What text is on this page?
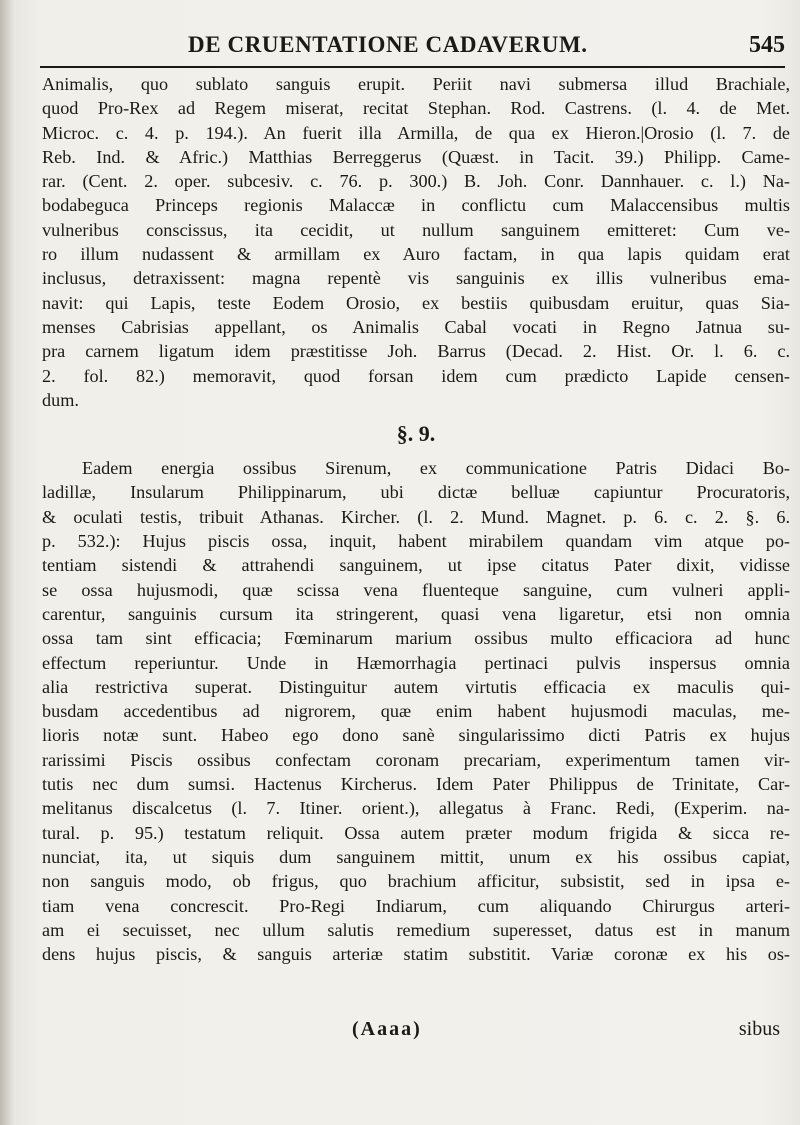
DE CRUENTATIONE CADAVERUM.	545
Animalis, quo sublato sanguis erupit. Periit navi submersa illud Brachiale,
quod Pro-Rex ad Regem miserat, recitat Stephan. Rod. Castrens. (l. 4. de Met.
Microc. c. 4. p. 194.). An fuerit illa Armilla, de qua ex Hieron.|Orosio (l. 7. de
Reb. Ind. & Afric.) Matthias Berreggerus (Quæst. in Tacit. 39.) Philipp. Came-
rar. (Cent. 2. oper. subcesiv. c. 76. p. 300.) B. Joh. Conr. Dannhauer. c. l.) Na-
bodabeguca Princeps regionis Malaccæ in conflictu cum Malaccensibus multis
vulneribus conscissus, ita cecidit, ut nullum sanguinem emitteret: Cum ve-
ro illum nudassent & armillam ex Auro factam, in qua lapis quidam erat
inclusus, detraxissent: magna repentè vis sanguinis ex illis vulneribus ema-
navit: qui Lapis, teste Eodem Orosio, ex bestiis quibusdam eruitur, quas Sia-
menses Cabrisias appellant, os Animalis Cabal vocati in Regno Jatnua su-
pra carnem ligatum idem præstitisse Joh. Barrus (Decad. 2. Hist. Or. l. 6. c.
2. fol. 82.) memoravit, quod forsan idem cum prædicto Lapide censen-
dum.
§. 9.
Eadem energia ossibus Sirenum, ex communicatione Patris Didaci Bo-
ladillæ, Insularum Philippinarum, ubi dictæ belluæ capiuntur Procuratoris,
& oculati testis, tribuit Athanas. Kircher. (l. 2. Mund. Magnet. p. 6. c. 2. §. 6.
p. 532.): Hujus piscis ossa, inquit, habent mirabilem quandam vim atque po-
tentiam sistendi & attrahendi sanguinem, ut ipse citatus Pater dixit, vidisse
se ossa hujusmodi, quæ scissa vena fluenteque sanguine, cum vulneri appli-
carentur, sanguinis cursum ita stringerent, quasi vena ligaretur, etsi non omnia
ossa tam sint efficacia; Fœminarum marium ossibus multo efficaciora ad hunc
effectum reperiuntur. Unde in Hæmorrhagia pertinaci pulvis inspersus omnia
alia restrictiva superat. Distinguitur autem virtutis efficacia ex maculis qui-
busdam accedentibus ad nigrorem, quæ enim habent hujusmodi maculas, me-
lioris notæ sunt. Habeo ego dono sanè singularissimo dicti Patris ex hujus
rarissimi Piscis ossibus confectam coronam precariam, experimentum tamen vir-
tutis nec dum sumsi. Hactenus Kircherus. Idem Pater Philippus de Trinitate, Car-
melitanus discalcetus (l. 7. Itiner. orient.), allegatus à Franc. Redi, (Experim. na-
tural. p. 95.) testatum reliquit. Ossa autem præter modum frigida & sicca re-
nunciat, ita, ut siquis dum sanguinem mittit, unum ex his ossibus capiat,
non sanguis modo, ob frigus, quo brachium afficitur, subsistit, sed in ipsa e-
tiam vena concrescit. Pro-Regi Indiarum, cum aliquando Chirurgus arteri-
am ei secuisset, nec ullum salutis remedium superesset, datus est in manum
dens hujus piscis, & sanguis arteriæ statim substitit. Variæ coronæ ex his os-
(Aaaa)	sibus
